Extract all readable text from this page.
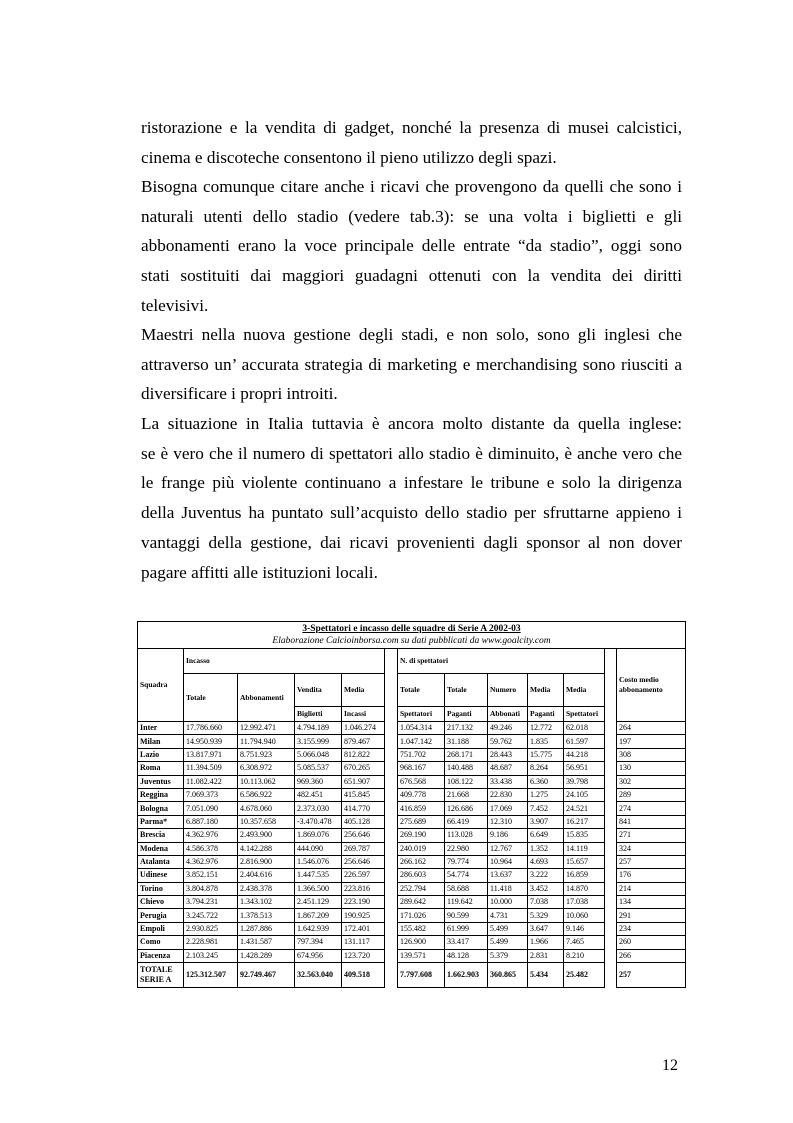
ristorazione e la vendita di gadget, nonché la presenza di musei calcistici,
cinema e discoteche consentono il pieno utilizzo degli spazi.
Bisogna comunque citare anche i ricavi che provengono da quelli che sono i
naturali utenti dello stadio (vedere tab.3): se una volta i biglietti e gli
abbonamenti erano la voce principale delle entrate “da stadio”, oggi sono
stati sostituiti dai maggiori guadagni ottenuti con la vendita dei diritti
televisivi.
Maestri nella nuova gestione degli stadi, e non solo, sono gli inglesi che
attraverso un’ accurata strategia di marketing e merchandising sono riusciti a
diversificare i propri introiti.
La situazione in Italia tuttavia è ancora molto distante da quella inglese:
se è vero che il numero di spettatori allo stadio è diminuito, è anche vero che
le frange più violente continuano a infestare le tribune e solo la dirigenza
della Juventus ha puntato sull’acquisto dello stadio per sfruttarne appieno i
vantaggi della gestione, dai ricavi provenienti dagli sponsor al non dover
pagare affitti alle istituzioni locali.
3-Spettatori e incasso delle squadre di Serie A 2002-03
Elaborazione Calcioinborsa.com su dati pubblicati da www.goalcity.com												

Squadra	Incasso					N. di spettatori						Costo medio abbonamento
	Totale	Abbonamenti	Vendita	Media		Totale	Totale	Numero	Media	Media		
			Biglietti	Incassi		Spettatori	Paganti	Abbonati	Paganti	Spettatori		
Inter	17.786.660	12.992.471	4.794.189	1.046.274		1.054.314	217.132	49.246	12.772	62.018		264
Milan	14.950.939	11.794.940	3.155.999	879.467		1.047.142	31.188	59.762	1.835	61.597		197
Lazio	13.817.971	8.751.923	5.066.048	812.822		751.702	268.171	28.443	15.775	44.218		308
Roma	11.394.509	6.308.972	5.085.537	670.265		968.167	140.488	48.687	8.264	56.951		130
Juventus	11.082.422	10.113.062	969.360	651.907		676.568	108.122	33.438	6.360	39.798		302
Reggina	7.069.373	6.586.922	482.451	415.845		409.778	21.668	22.830	1.275	24.105		289
Bologna	7.051.090	4.678.060	2.373.030	414.770		416.859	126.686	17.069	7.452	24.521		274
Parma*	6.887.180	10.357.658	-3.470.478	405.128		275.689	66.419	12.310	3.907	16.217		841
Brescia	4.362.976	2.493.900	1.869.076	256.646		269.190	113.028	9.186	6.649	15.835		271
Modena	4.586.378	4.142.288	444.090	269.787		240.019	22.980	12.767	1.352	14.119		324
Atalanta	4.362.976	2.816.900	1.546.076	256.646		266.162	79.774	10.964	4.693	15.657		257
Udinese	3.852.151	2.404.616	1.447.535	226.597		286.603	54.774	13.637	3.222	16.859		176
Torino	3.804.878	2.438.378	1.366.500	223.816		252.794	58.688	11.418	3.452	14.870		214
Chievo	3.794.231	1.343.102	2.451.129	223.190		289.642	119.642	10.000	7.038	17.038		134
Perugia	3.245.722	1.378.513	1.867.209	190.925		171.026	90.599	4.731	5.329	10.060		291
Empoli	2.930.825	1.287.886	1.642.939	172.401		155.482	61.999	5.499	3.647	9.146		234
Como	2.228.981	1.431.587	797.394	131.117		126.900	33.417	5.499	1.966	7.465		260
Piacenza	2.103.245	1.428.289	674.956	123.720		139.571	48.128	5.379	2.831	8.210		266
TOTALE SERIE A	125.312.507	92.749.467	32.563.040	409.518		7.797.608	1.662.903	360.865	5.434	25.482		257
12
